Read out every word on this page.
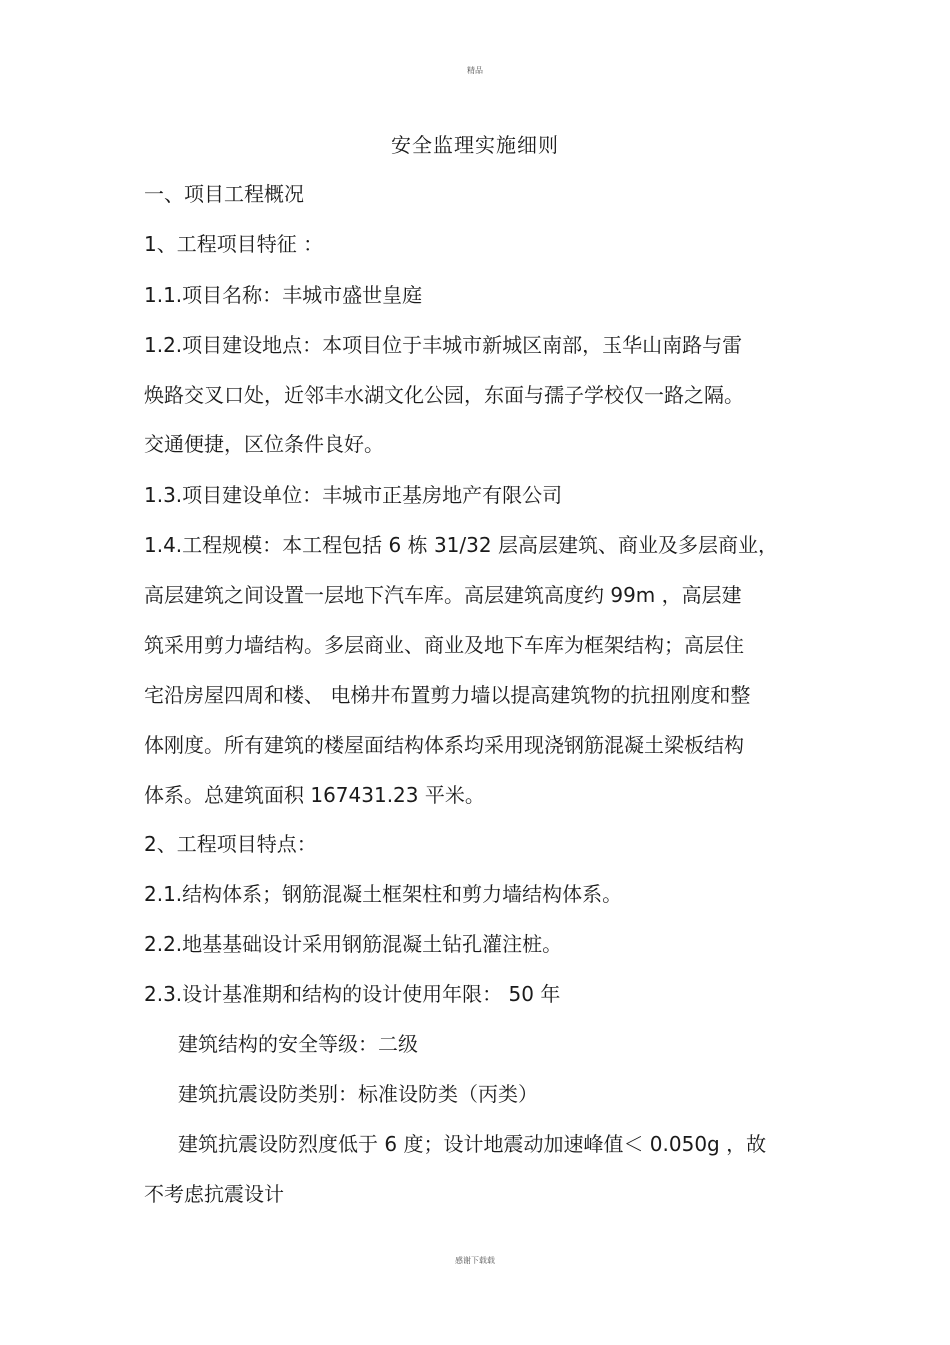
精品
安全监理实施细则
一、项目工程概况
1、工程项目特征 ：
1.1.项目名称：丰城市盛世皇庭
1.2.项目建设地点：本项目位于丰城市新城区南部，玉华山南路与雷
焕路交叉口处，近邻丰水湖文化公园，东面与孺子学校仅一路之隔。
交通便捷，区位条件良好。
1.3.项目建设单位：丰城市正基房地产有限公司
1.4.工程规模：本工程包括 6 栋 31/32 层高层建筑、商业及多层商业，
高层建筑之间设置一层地下汽车库。高层建筑高度约 99m ，高层建
筑采用剪力墙结构。多层商业、商业及地下车库为框架结构；高层住
宅沿房屋四周和楼、 电梯井布置剪力墙以提高建筑物的抗扭刚度和整
体刚度。所有建筑的楼屋面结构体系均采用现浇钢筋混凝土梁板结构
体系。总建筑面积 167431.23 平米。
2、工程项目特点：
2.1.结构体系；钢筋混凝土框架柱和剪力墙结构体系。
2.2.地基基础设计采用钢筋混凝土钻孔灌注桩。
2.3.设计基准期和结构的设计使用年限： 50 年
建筑结构的安全等级：二级
建筑抗震设防类别：标准设防类（丙类）
建筑抗震设防烈度低于 6 度；设计地震动加速峰值＜ 0.050g ，故
不考虑抗震设计
感谢下载载
